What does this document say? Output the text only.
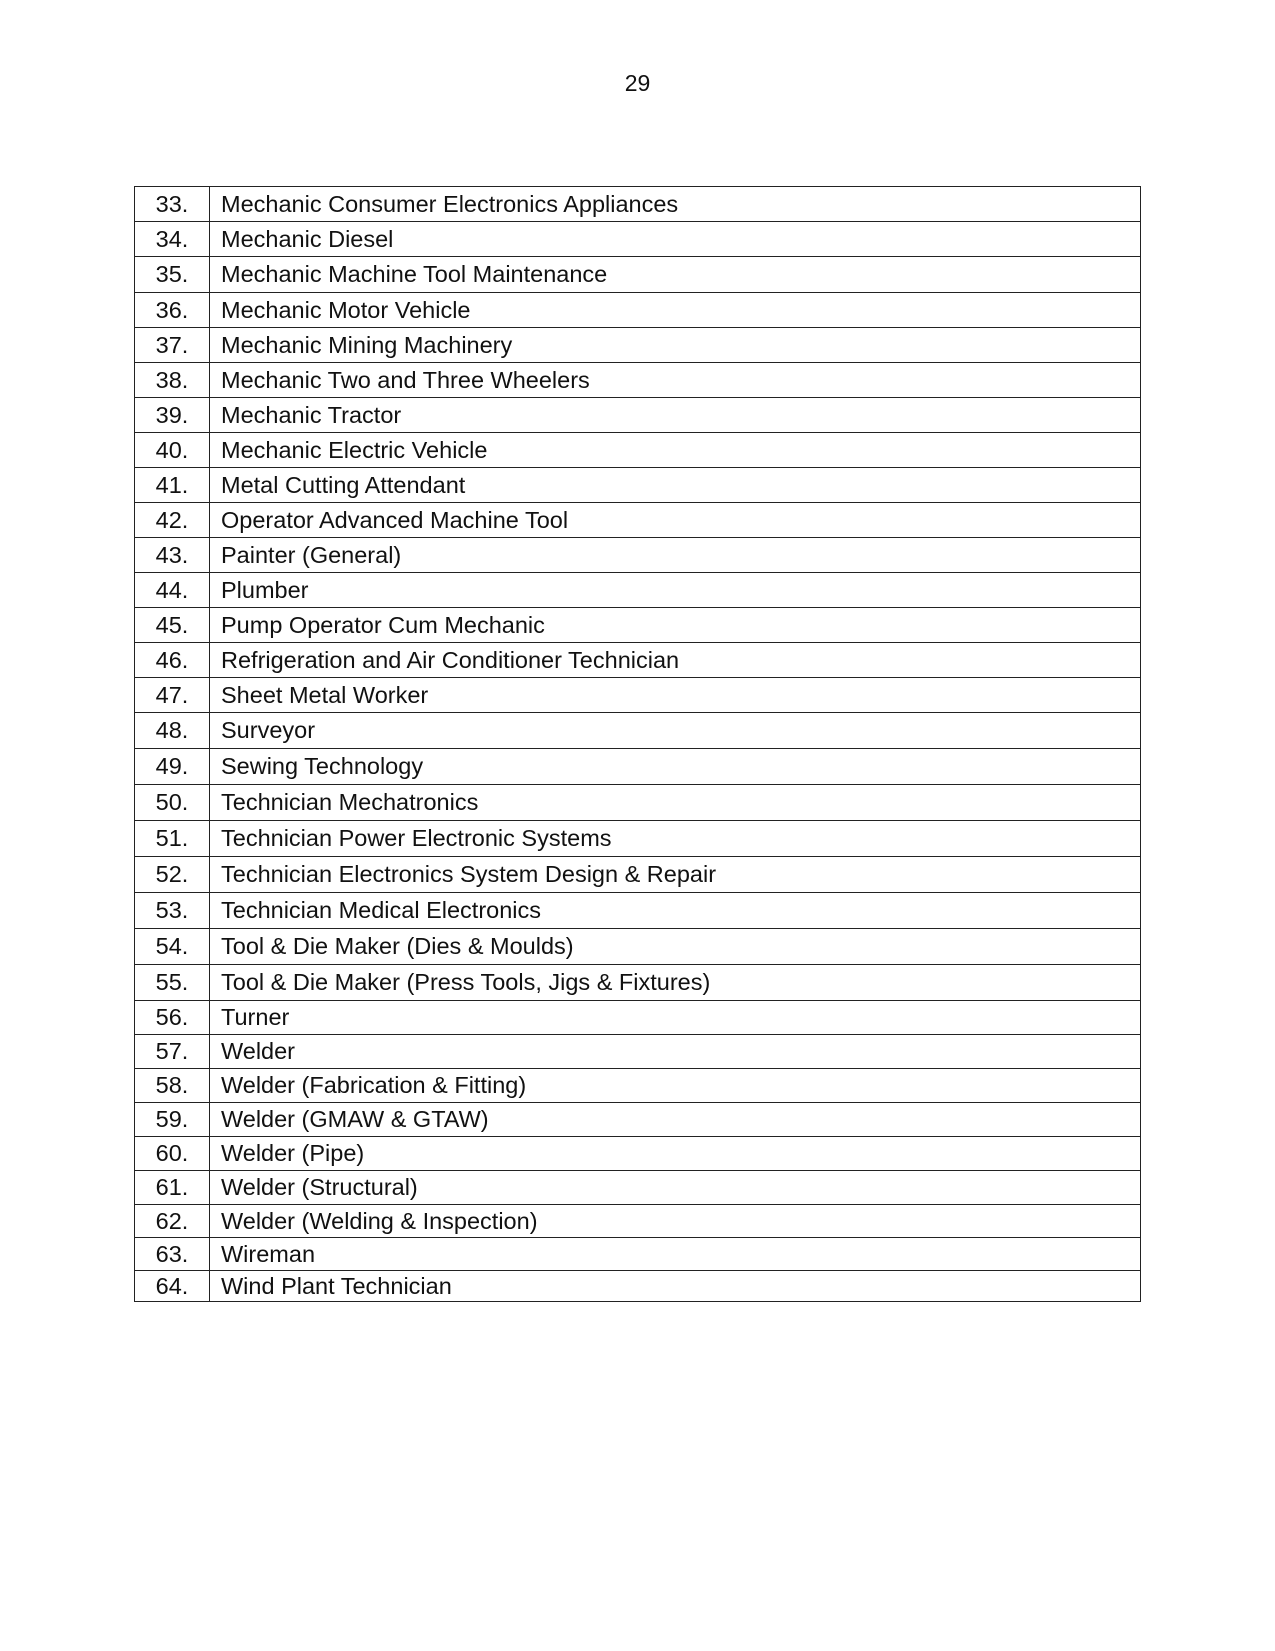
29
33.	Mechanic Consumer Electronics Appliances
34.	Mechanic Diesel
35.	Mechanic Machine Tool Maintenance
36.	Mechanic Motor Vehicle
37.	Mechanic Mining Machinery
38.	Mechanic Two and Three Wheelers
39.	Mechanic Tractor
40.	Mechanic Electric Vehicle
41.	Metal Cutting Attendant
42.	Operator Advanced Machine Tool
43.	Painter (General)
44.	Plumber
45.	Pump Operator Cum Mechanic
46.	Refrigeration and Air Conditioner Technician
47.	Sheet Metal Worker
48.	Surveyor
49.	Sewing Technology
50.	Technician Mechatronics
51.	Technician Power Electronic Systems
52.	Technician Electronics System Design & Repair
53.	Technician Medical Electronics
54.	Tool & Die Maker (Dies & Moulds)
55.	Tool & Die Maker (Press Tools, Jigs & Fixtures)
56.	Turner
57.	Welder
58.	Welder (Fabrication & Fitting)
59.	Welder (GMAW & GTAW)
60.	Welder (Pipe)
61.	Welder (Structural)
62.	Welder (Welding & Inspection)
63.	Wireman
64.	Wind Plant Technician
